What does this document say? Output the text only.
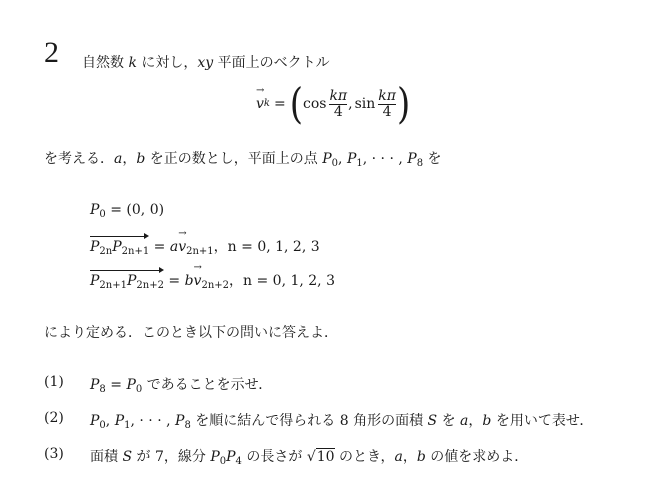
2 自然数 k に対し，xy 平面上のベクトル
v → k = ( $\cos \frac{k\pi}{4}$ , $\sin \frac{k\pi}{4}$ )
を考える．a，b を正の数とし，平面上の点 $P_0$, $P_1$, · · · , $P_8$ を
$P_0 = (0$, 0)
$P_{2n}P_{2n+1}$ = av $\to_{2n+1}$，n = 0, 1, 2, 3
$P_{2n+1}P_{2n+2}$ = bv $\to_{2n+2}$，n = 0, 1, 2, 3
により定める．このとき以下の問いに答えよ．
(1) $P_8 = P_0$ であることを示せ．
(2) $P_0$, $P_1$, · · · , $P_8$ を順に結んで得られる 8 角形の面積 S を a，b を用いて表せ．
(3) 面積 S が 7，線分 $P_0P_4$ の長さが √10 のとき，a，b の値を求めよ．
